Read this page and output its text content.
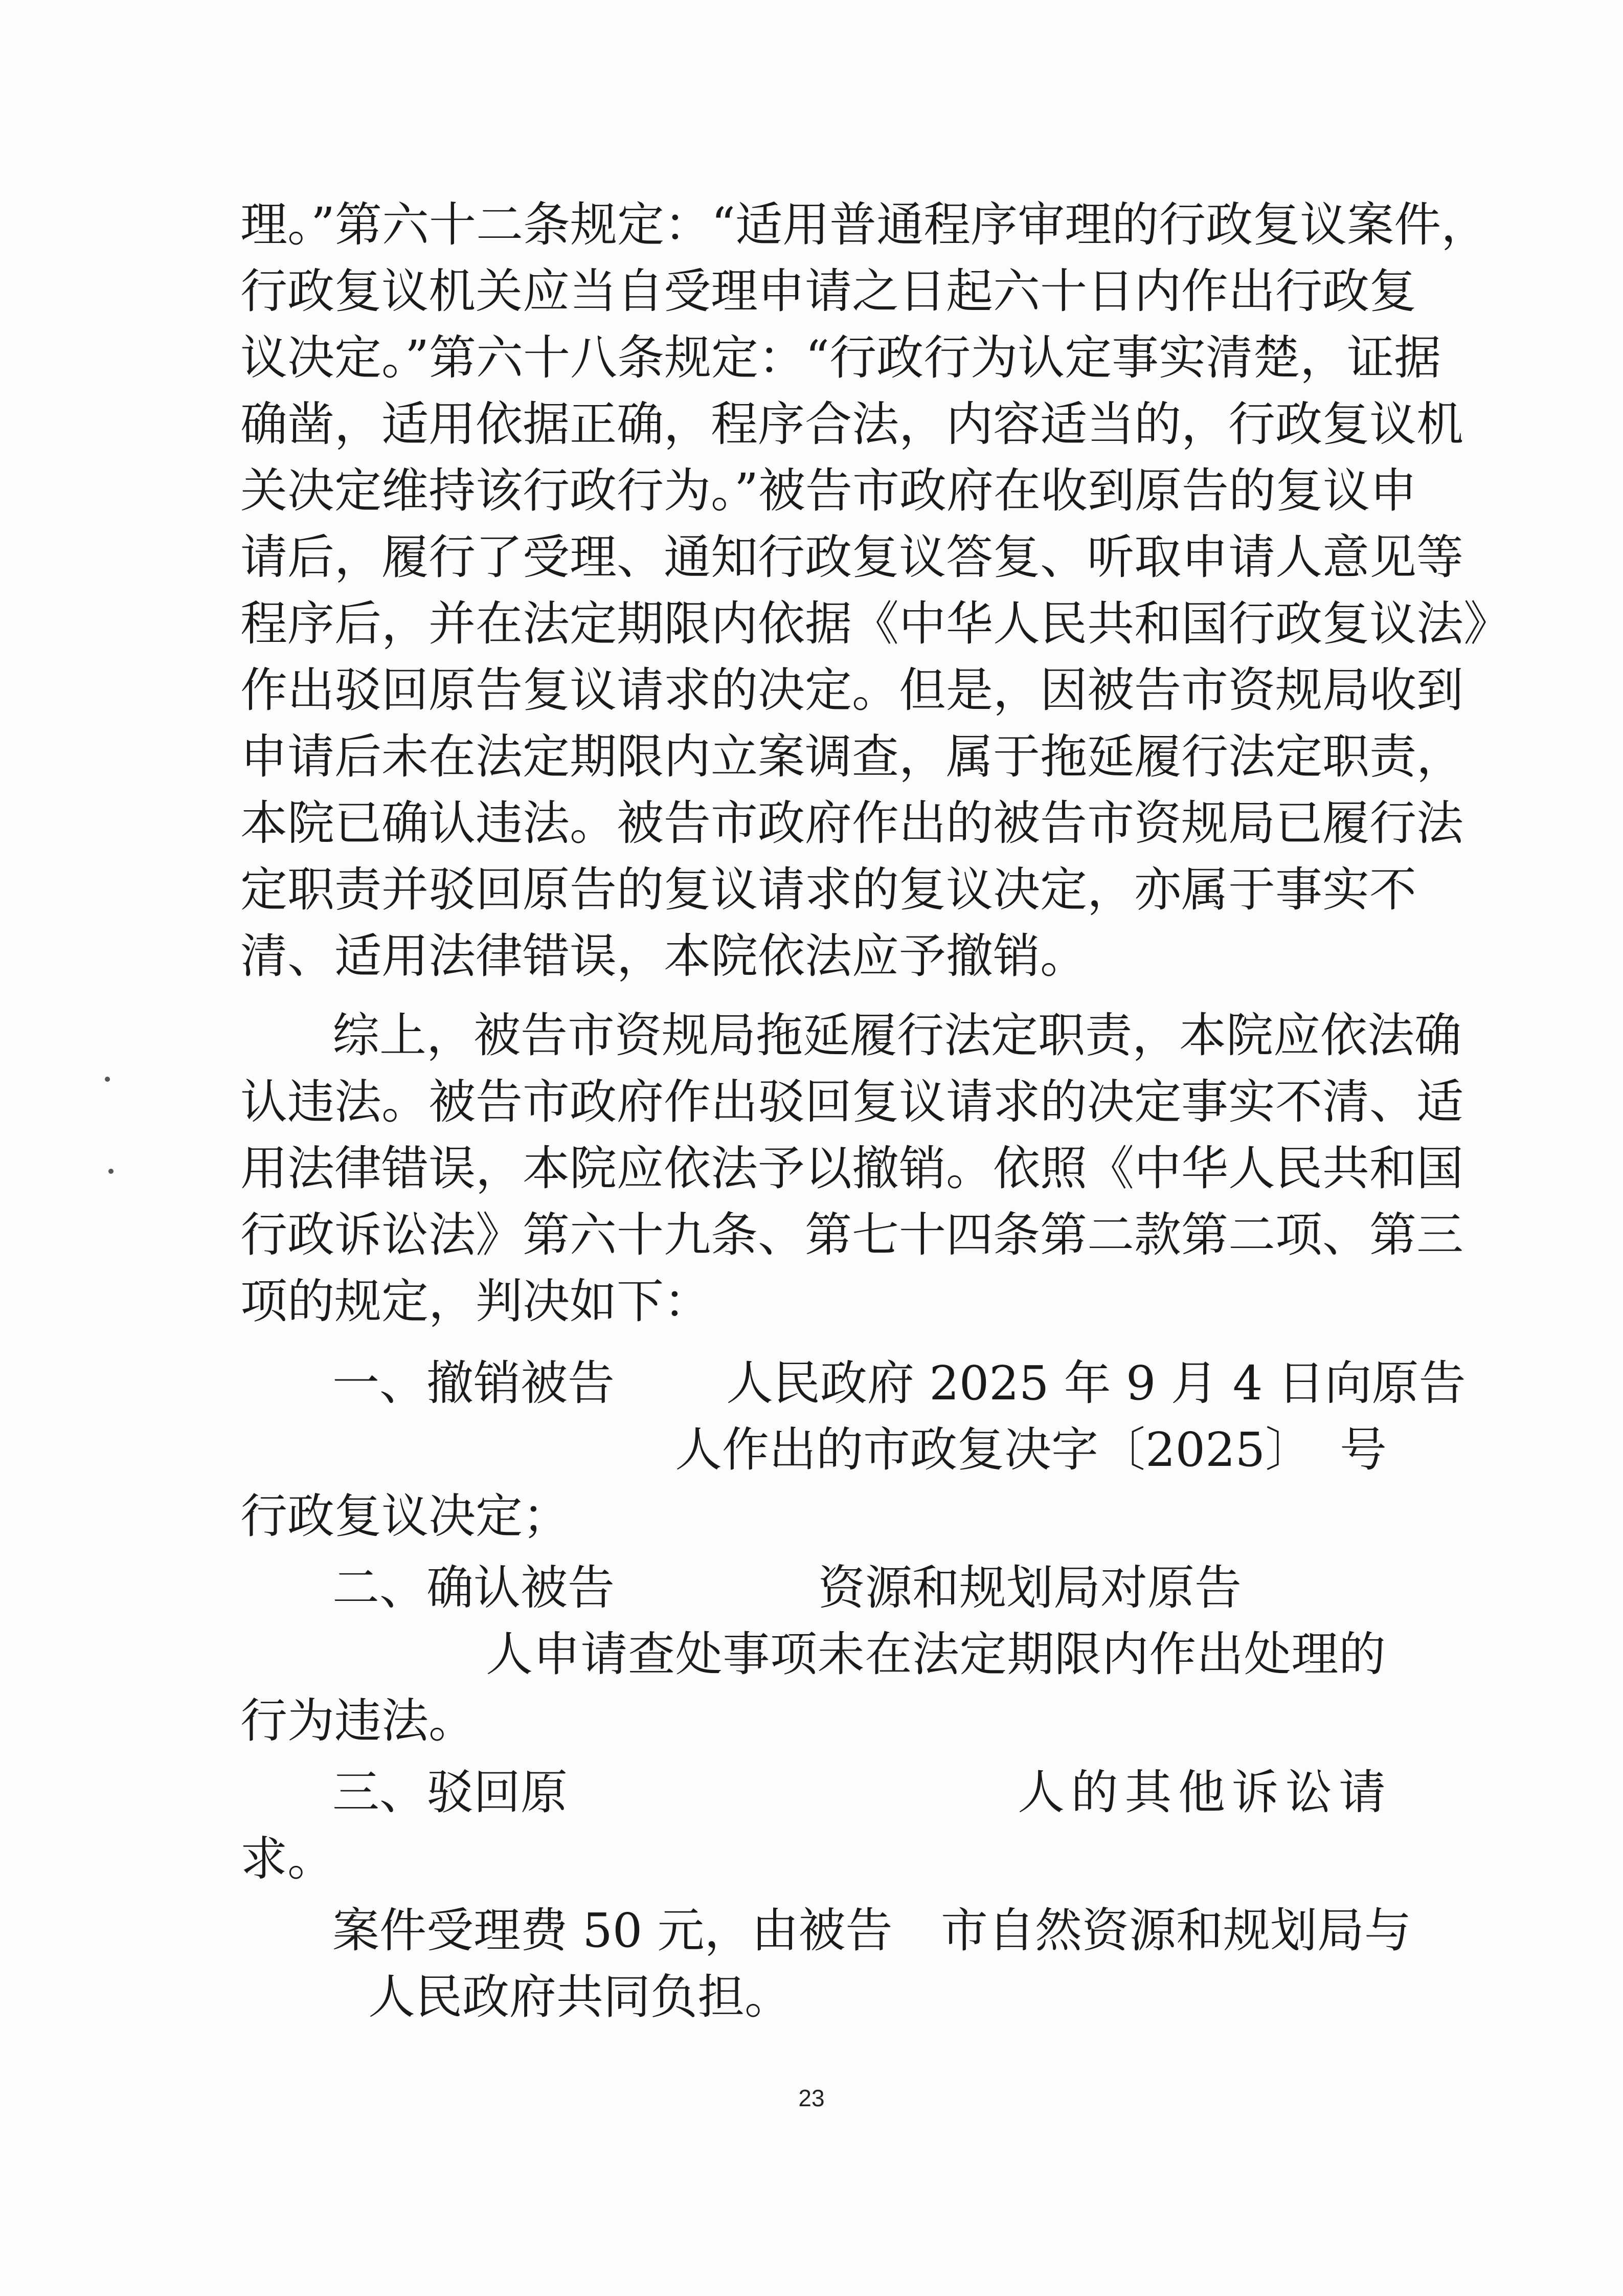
理。”第六十二条规定：“适用普通程序审理的行政复议案件，
行政复议机关应当自受理申请之日起六十日内作出行政复
议决定。”第六十八条规定：“行政行为认定事实清楚，证据
确凿，适用依据正确，程序合法，内容适当的，行政复议机
关决定维持该行政行为。”被告市政府在收到原告的复议申
请后，履行了受理、通知行政复议答复、听取申请人意见等
程序后，并在法定期限内依据《中华人民共和国行政复议法》
作出驳回原告复议请求的决定。但是，因被告市资规局收到
申请后未在法定期限内立案调查，属于拖延履行法定职责，
本院已确认违法。被告市政府作出的被告市资规局已履行法
定职责并驳回原告的复议请求的复议决定，亦属于事实不
清、适用法律错误，本院依法应予撤销。
综上，被告市资规局拖延履行法定职责，本院应依法确
认违法。被告市政府作出驳回复议请求的决定事实不清、适
用法律错误，本院应依法予以撤销。依照《中华人民共和国
行政诉讼法》第六十九条、第七十四条第二款第二项、第三
项的规定，判决如下：
一、撤销被告 人民政府 2025 年 9 月 4 日向原告
人作出的市政复决字〔2025〕 号
行政复议决定；
二、确认被告	资源和规划局对原告
人申请查处事项未在法定期限内作出处理的
行为违法。
三、驳回原	人的其他诉讼请
求。
案件受理费 50 元，由被告 市自然资源和规划局与
人民政府共同负担。
23
